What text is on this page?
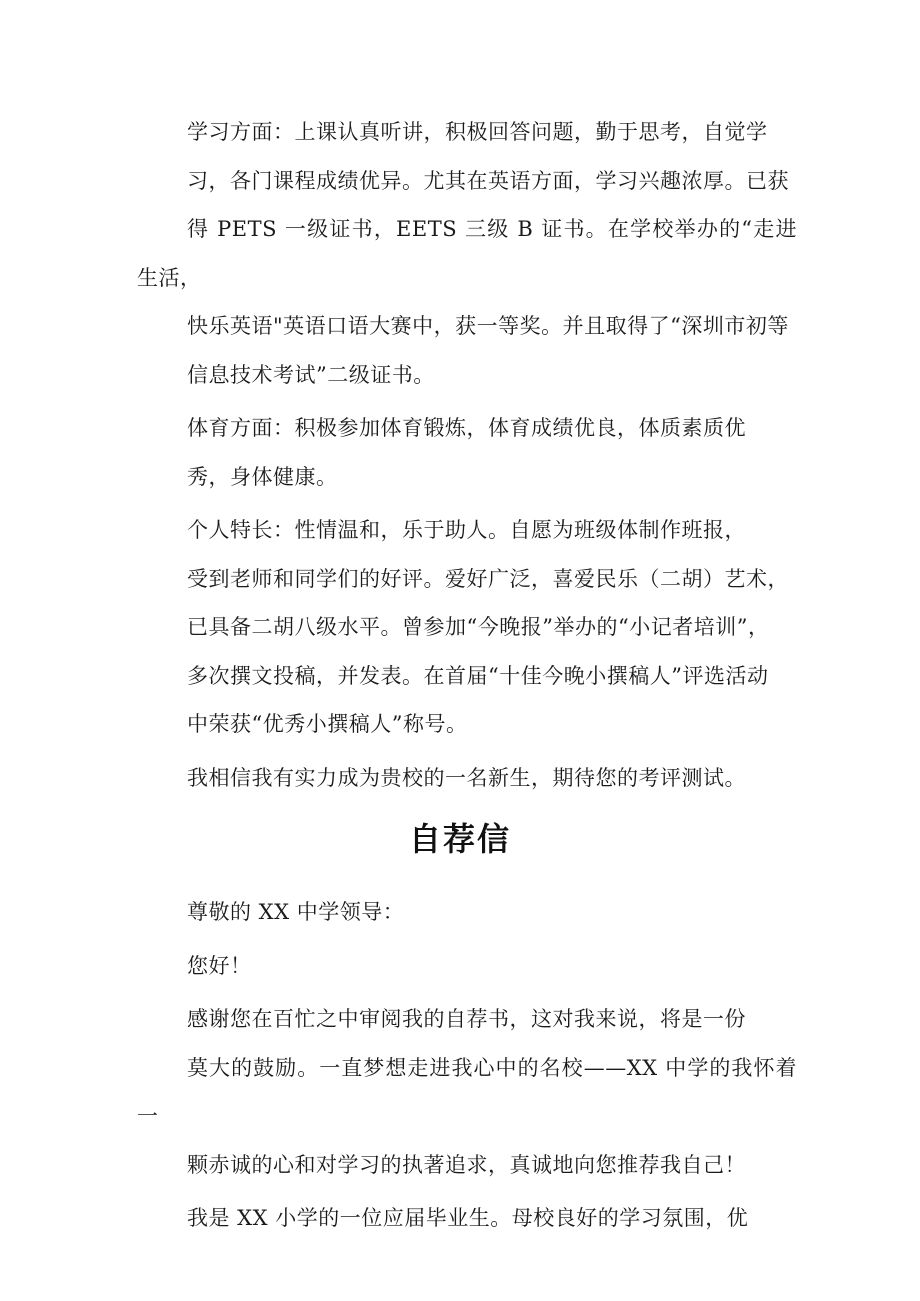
学习方面：上课认真听讲，积极回答问题，勤于思考，自觉学
习，各门课程成绩优异。尤其在英语方面，学习兴趣浓厚。已获
得 PETS 一级证书，EETS 三级 B 证书。在学校举办的“走进生活，
快乐英语"英语口语大赛中，获一等奖。并且取得了“深圳市初等
信息技术考试”二级证书。

体育方面：积极参加体育锻炼，体育成绩优良，体质素质优
秀，身体健康。

个人特长：性情温和，乐于助人。自愿为班级体制作班报，
受到老师和同学们的好评。爱好广泛，喜爱民乐（二胡）艺术，
已具备二胡八级水平。曾参加“今晚报”举办的“小记者培训”，
多次撰文投稿，并发表。在首届“十佳今晚小撰稿人”评选活动
中荣获“优秀小撰稿人”称号。

我相信我有实力成为贵校的一名新生，期待您的考评测试。

自荐信

尊敬的 XX 中学领导：

您好！

感谢您在百忙之中审阅我的自荐书，这对我来说，将是一份
莫大的鼓励。一直梦想走进我心中的名校——XX 中学的我怀着一
颗赤诚的心和对学习的执著追求，真诚地向您推荐我自己！

我是 XX 小学的一位应届毕业生。母校良好的学习氛围，优
